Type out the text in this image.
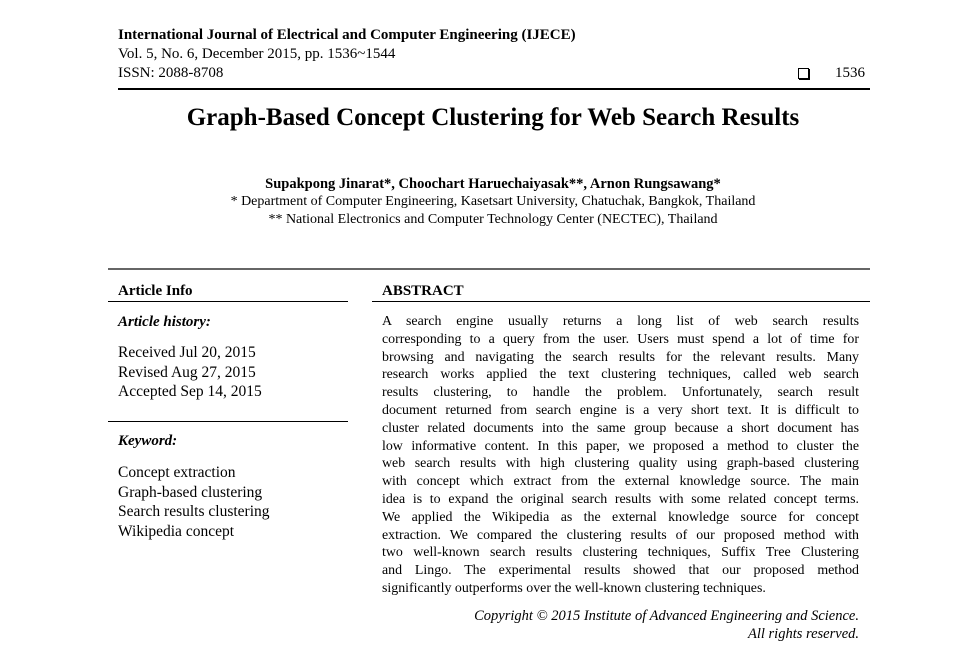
International Journal of Electrical and Computer Engineering (IJECE)
Vol. 5, No. 6, December 2015, pp. 1536~1544
ISSN: 2088-8708	1536
Graph-Based Concept Clustering for Web Search Results
Supakpong Jinarat*, Choochart Haruechaiyasak**, Arnon Rungsawang*
* Department of Computer Engineering, Kasetsart University, Chatuchak, Bangkok, Thailand
** National Electronics and Computer Technology Center (NECTEC), Thailand
Article Info
Article history:
Received Jul 20, 2015
Revised Aug 27, 2015
Accepted Sep 14, 2015
Keyword:
Concept extraction
Graph-based clustering
Search results clustering
Wikipedia concept
ABSTRACT
A search engine usually returns a long list of web search results
corresponding to a query from the user. Users must spend a lot of time for
browsing and navigating the search results for the relevant results. Many
research works applied the text clustering techniques, called web search
results clustering, to handle the problem. Unfortunately, search result
document returned from search engine is a very short text. It is difficult to
cluster related documents into the same group because a short document has
low informative content. In this paper, we proposed a method to cluster the
web search results with high clustering quality using graph-based clustering
with concept which extract from the external knowledge source. The main
idea is to expand the original search results with some related concept terms.
We applied the Wikipedia as the external knowledge source for concept
extraction. We compared the clustering results of our proposed method with
two well-known search results clustering techniques, Suffix Tree Clustering
and Lingo. The experimental results showed that our proposed method
significantly outperforms over the well-known clustering techniques.
Copyright © 2015 Institute of Advanced Engineering and Science.
All rights reserved.
